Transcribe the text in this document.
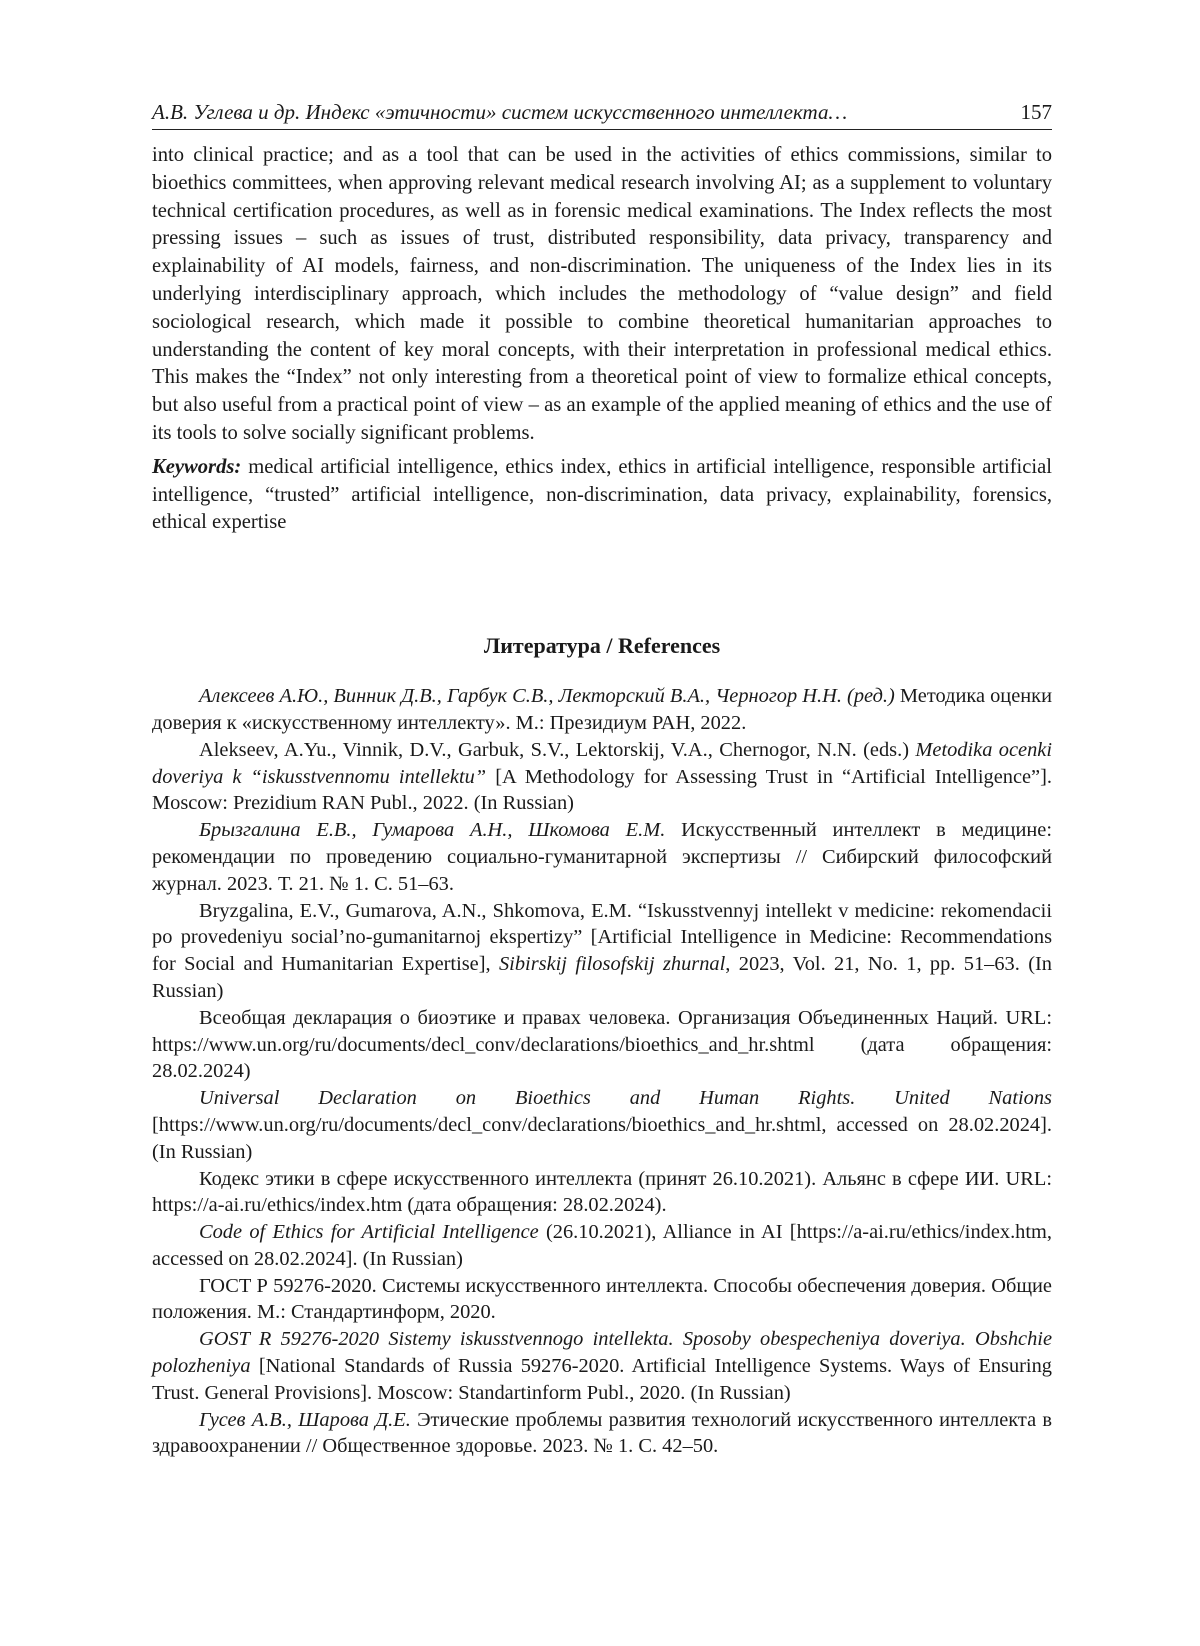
А.В. Углева и др. Индекс «этичности» систем искусственного интеллекта…	157

into clinical practice; and as a tool that can be used in the activities of ethics commissions, similar to bioethics committees, when approving relevant medical research involving AI; as a supplement to voluntary technical certification procedures, as well as in forensic medical examinations. The Index reflects the most pressing issues – such as issues of trust, distributed responsibility, data privacy, transparency and explainability of AI models, fairness, and non-discrimination. The uniqueness of the Index lies in its underlying interdisciplinary approach, which includes the methodology of “value design” and field sociological research, which made it possible to combine theoretical humanitarian approaches to understanding the content of key moral concepts, with their interpretation in professional medical ethics. This makes the “Index” not only interesting from a theoretical point of view to formalize ethical concepts, but also useful from a practical point of view – as an example of the applied meaning of ethics and the use of its tools to solve socially significant problems.

Keywords: medical artificial intelligence, ethics index, ethics in artificial intelligence, responsible artificial intelligence, “trusted” artificial intelligence, non-discrimination, data privacy, explainability, forensics, ethical expertise

Литература / References

Алексеев А.Ю., Винник Д.В., Гарбук С.В., Лекторский В.А., Черногор Н.Н. (ред.) Методика оценки доверия к «искусственному интеллекту». М.: Президиум РАН, 2022.

Alekseev, A.Yu., Vinnik, D.V., Garbuk, S.V., Lektorskij, V.A., Chernogor, N.N. (eds.) Metodika ocenki doveriya k “iskusstvennomu intellektu” [A Methodology for Assessing Trust in “Artificial Intelligence”]. Moscow: Prezidium RAN Publ., 2022. (In Russian)

Брызгалина Е.В., Гумарова А.Н., Шкомова Е.М. Искусственный интеллект в медицине: рекомендации по проведению социально-гуманитарной экспертизы // Сибирский философский журнал. 2023. Т. 21. № 1. С. 51–63.

Bryzgalina, E.V., Gumarova, A.N., Shkomova, E.M. “Iskusstvennyj intellekt v medicine: rekomendacii po provedeniyu social’no-gumanitarnoj ekspertizy” [Artificial Intelligence in Medicine: Recommendations for Social and Humanitarian Expertise], Sibirskij filosofskij zhurnal, 2023, Vol. 21, No. 1, pp. 51–63. (In Russian)

Всеобщая декларация о биоэтике и правах человека. Организация Объединенных Наций. URL: https://www.un.org/ru/documents/decl_conv/declarations/bioethics_and_hr.shtml (дата обращения: 28.02.2024)

Universal Declaration on Bioethics and Human Rights. United Nations [https://www.un.org/ru/documents/decl_conv/declarations/bioethics_and_hr.shtml, accessed on 28.02.2024]. (In Russian)

Кодекс этики в сфере искусственного интеллекта (принят 26.10.2021). Альянс в сфере ИИ. URL: https://a-ai.ru/ethics/index.htm (дата обращения: 28.02.2024).

Code of Ethics for Artificial Intelligence (26.10.2021), Alliance in AI [https://a-ai.ru/ethics/index.htm, accessed on 28.02.2024]. (In Russian)

ГОСТ Р 59276-2020. Системы искусственного интеллекта. Способы обеспечения доверия. Общие положения. М.: Стандартинформ, 2020.

GOST R 59276-2020 Sistemy iskusstvennogo intellekta. Sposoby obespecheniya doveriya. Obshchie polozheniya [National Standards of Russia 59276-2020. Artificial Intelligence Systems. Ways of Ensuring Trust. General Provisions]. Moscow: Standartinform Publ., 2020. (In Russian)

Гусев А.В., Шарова Д.Е. Этические проблемы развития технологий искусственного интеллекта в здравоохранении // Общественное здоровье. 2023. № 1. С. 42–50.
